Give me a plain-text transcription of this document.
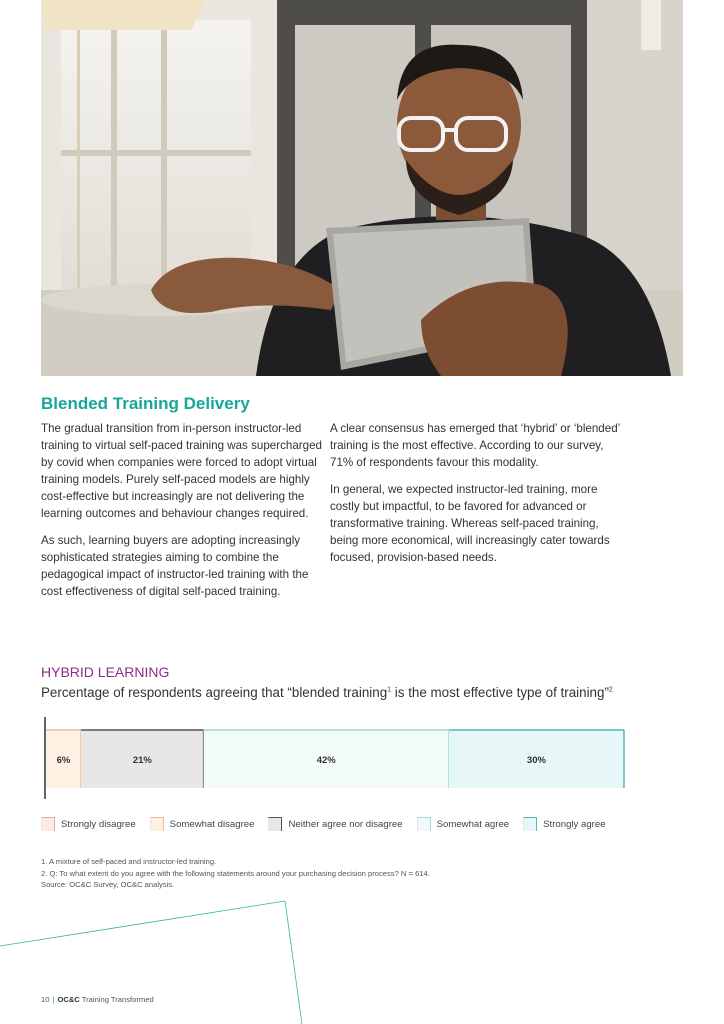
Blended Training Delivery

The gradual transition from in-person instructor-led training to virtual self-paced training was supercharged by covid when companies were forced to adopt virtual training models. Purely self-paced models are highly cost-effective but increasingly are not delivering the learning outcomes and behaviour changes required.

As such, learning buyers are adopting increasingly sophisticated strategies aiming to combine the pedagogical impact of instructor-led training with the cost effectiveness of digital self-paced training.

A clear consensus has emerged that ‘hybrid’ or ‘blended’ training is the most effective. According to our survey, 71% of respondents favour this modality.

In general, we expected instructor-led training, more costly but impactful, to be favored for advanced or transformative training. Whereas self-paced training, being more economical, will increasingly cater towards focused, provision-based needs.

HYBRID LEARNING
Percentage of respondents agreeing that “blended training$^1$ is the most effective type of training”$^2$
6%	21%	42%	30%
Strongly disagree	Somewhat disagree	Neither agree nor disagree	Somewhat agree	Strongly agree
1. A mixture of self-paced and instructor-led training.
2. Q: To what extent do you agree with the following statements around your purchasing decision process? N = 614.
Source: OC&C Survey, OC&C analysis.
10 | OC&C Training Transformed
